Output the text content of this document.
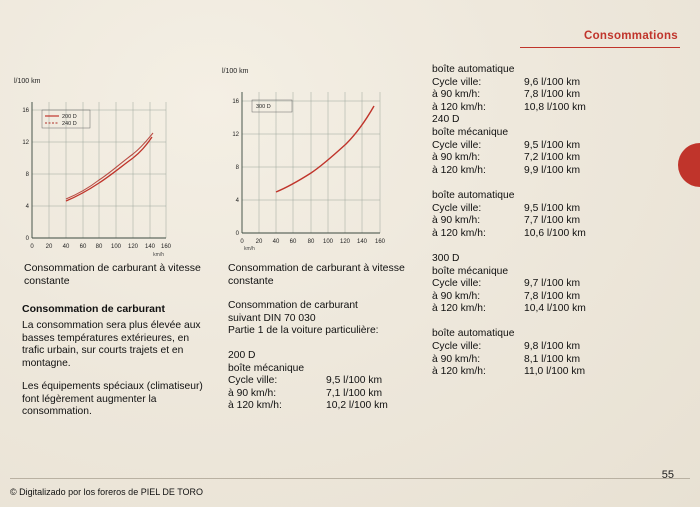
Consommations
l/100 km
0
4
8
12
16
0 20 40 60 80 100 120 140 160
km/h
200 D
240 D
l/100 km
0
4
8
12
16
0 20 40 60 80 100 120 140 160
km/h
300 D
Consommation de carburant à vitesse constante
Consommation de carburant
La consommation sera plus élevée aux basses températures extérieures, en trafic urbain, sur courts trajets et en montagne.
Les équipements spéciaux (climatiseur) font légèrement augmenter la consommation.
Consommation de carburant à vitesse constante
Consommation de carburant
suivant DIN 70 030
Partie 1 de la voiture particulière:
200 D
boîte mécanique
Cycle ville:	9,5 l/100 km
à 90 km/h:	7,1 l/100 km
à 120 km/h:	10,2 l/100 km
boîte automatique
Cycle ville:	9,6 l/100 km
à 90 km/h:	7,8 l/100 km
à 120 km/h:	10,8 l/100 km
240 D
boîte mécanique
Cycle ville:	9,5 l/100 km
à 90 km/h:	7,2 l/100 km
à 120 km/h:	9,9 l/100 km
boîte automatique
Cycle ville:	9,5 l/100 km
à 90 km/h:	7,7 l/100 km
à 120 km/h:	10,6 l/100 km
300 D
boîte mécanique
Cycle ville:	9,7 l/100 km
à 90 km/h:	7,8 l/100 km
à 120 km/h:	10,4 l/100 km
boîte automatique
Cycle ville:	9,8 l/100 km
à 90 km/h:	8,1 l/100 km
à 120 km/h:	11,0 l/100 km
© Digitalizado por los foreros de PIEL DE TORO
55
